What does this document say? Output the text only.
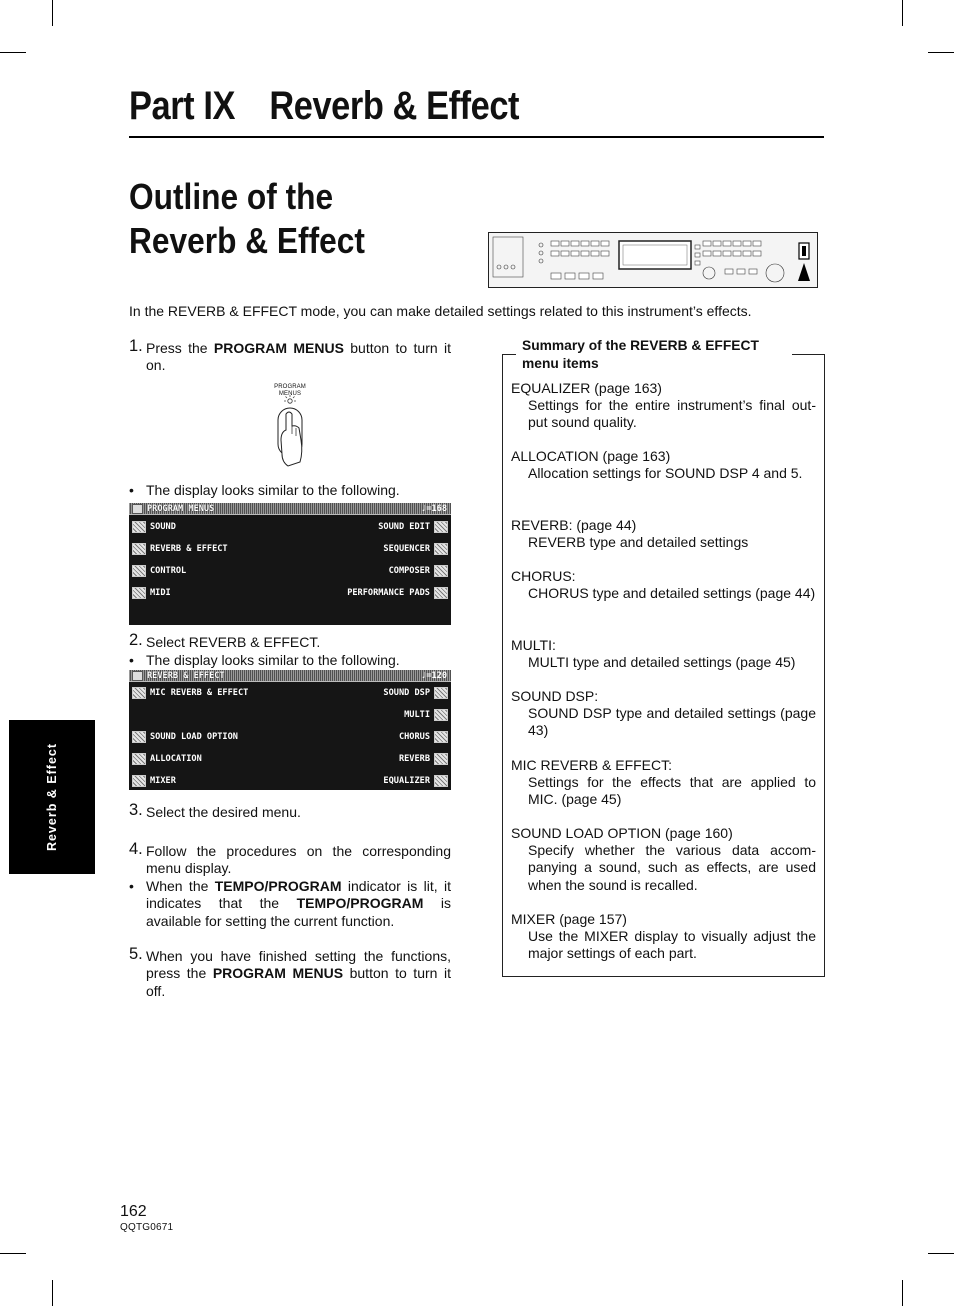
Part IX Reverb & Effect
Outline of the
Reverb & Effect
In the REVERB & EFFECT mode, you can make detailed settings related to this instrument’s effects.
1. Press the PROGRAM MENUS button to turn it on.
PROGRAM MENUS
• The display looks similar to the following.
PROGRAM MENUS	♩=168
SOUND
REVERB & EFFECT
CONTROL
MIDI
SOUND EDIT
SEQUENCER
COMPOSER
PERFORMANCE PADS
2. Select REVERB & EFFECT.
• The display looks similar to the following.
REVERB & EFFECT	♩=120
MIC REVERB & EFFECT
SOUND LOAD OPTION
ALLOCATION
MIXER
SOUND DSP
MULTI
CHORUS
REVERB
EQUALIZER
3. Select the desired menu.
4. Follow the procedures on the corresponding menu display.
• When the TEMPO/PROGRAM indicator is lit, it indicates that the TEMPO/PROGRAM is available for setting the current function.
5. When you have finished setting the functions, press the PROGRAM MENUS button to turn it off.
Summary of the REVERB & EFFECT menu items
EQUALIZER (page 163)
Settings for the entire instrument’s final out-put sound quality.
ALLOCATION (page 163)
Allocation settings for SOUND DSP 4 and 5.
REVERB: (page 44)
REVERB type and detailed settings
CHORUS:
CHORUS type and detailed settings (page 44)
MULTI:
MULTI type and detailed settings (page 45)
SOUND DSP:
SOUND DSP type and detailed settings (page 43)
MIC REVERB & EFFECT:
Settings for the effects that are applied to MIC. (page 45)
SOUND LOAD OPTION (page 160)
Specify whether the various data accom-panying a sound, such as effects, are used when the sound is recalled.
MIXER (page 157)
Use the MIXER display to visually adjust the major settings of each part.
Reverb & Effect
162
QQTG0671
